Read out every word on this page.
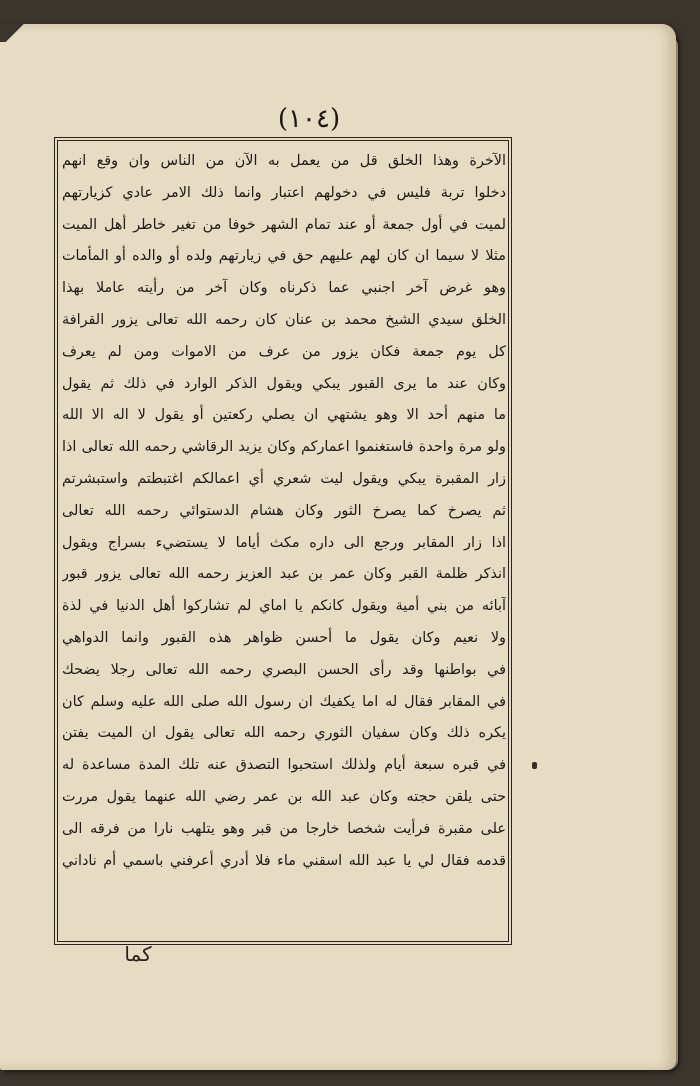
(١٠٤)
الآخرة وهذا الخلق قل من يعمل به الآن من الناس وان وقع انهم
دخلوا تربة فليس في دخولهم اعتبار وانما ذلك الامر عادي كزيارتهم
لميت في أول جمعة أو عند تمام الشهر خوفا من تغير خاطر أهل الميت
مثلا لا سيما ان كان لهم عليهم حق في زيارتهم ولده أو والده أو المأمات
وهو غرض آخر اجنبي عما ذكرناه وكان آخر من رأيته عاملا بهذا
الخلق سيدي الشيخ محمد بن عنان كان رحمه الله تعالى يزور القرافة
كل يوم جمعة فكان يزور من عرف من الاموات ومن لم يعرف
وكان عند ما يرى القبور يبكي ويقول الذكر الوارد في ذلك ثم يقول
ما منهم أحد الا وهو يشتهي ان يصلي ركعتين أو يقول لا اله الا الله
ولو مرة واحدة فاستغنموا اعماركم وكان يزيد الرقاشي رحمه الله تعالى اذا
زار المقبرة يبكي ويقول ليت شعري أي اعمالكم اغتبطتم واستبشرتم
ثم يصرخ كما يصرخ الثور وكان هشام الدستوائي رحمه الله تعالى
اذا زار المقابر ورجع الى داره مكث أياما لا يستضيء بسراج ويقول
انذكر ظلمة القبر وكان عمر بن عبد العزيز رحمه الله تعالى يزور قبور
آبائه من بني أمية ويقول كانكم يا اماي لم تشاركوا أهل الدنيا في لذة
ولا نعيم وكان يقول ما أحسن ظواهر هذه القبور وانما الدواهي
في بواطنها وقد رأى الحسن البصري رحمه الله تعالى رجلا يضحك
في المقابر فقال له اما يكفيك ان رسول الله صلى الله عليه وسلم كان
يكره ذلك وكان سفيان الثوري رحمه الله تعالى يقول ان الميت يفتن
في قبره سبعة أيام ولذلك استحبوا التصدق عنه تلك المدة مساعدة له
حتى يلقن حجته وكان عبد الله بن عمر رضي الله عنهما يقول مررت
على مقبرة فرأيت شخصا خارجا من قبر وهو يتلهب نارا من فرقه الى
قدمه فقال لي يا عبد الله اسقني ماء فلا أدري أعرفني باسمي أم ناداني
كما
